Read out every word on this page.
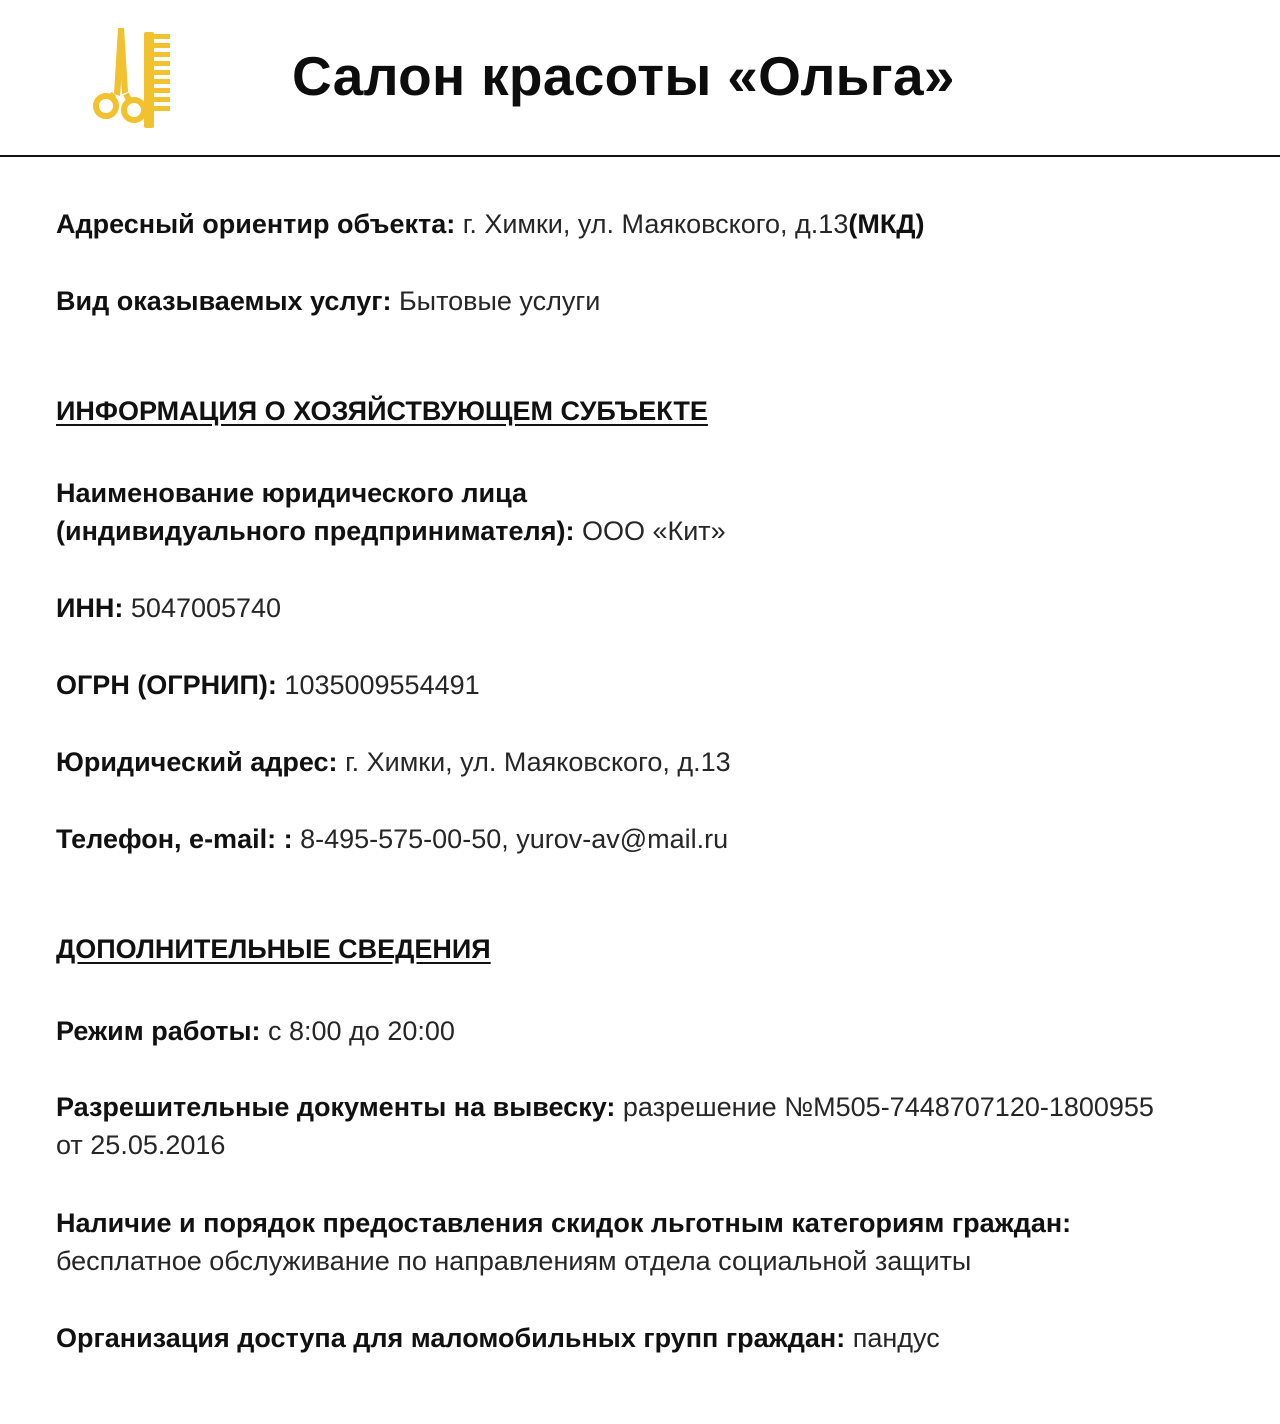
Салон красоты «Ольга»
Адресный ориентир объекта: г. Химки, ул. Маяковского, д.13(МКД)
Вид оказываемых услуг: Бытовые услуги
ИНФОРМАЦИЯ О ХОЗЯЙСТВУЮЩЕМ СУБЪЕКТЕ
Наименование юридического лица
(индивидуального предпринимателя): ООО «Кит»
ИНН: 5047005740
ОГРН (ОГРНИП): 1035009554491
Юридический адрес: г. Химки, ул. Маяковского, д.13
Телефон, e-mail: : 8-495-575-00-50, yurov-av@mail.ru
ДОПОЛНИТЕЛЬНЫЕ СВЕДЕНИЯ
Режим работы: с 8:00 до 20:00
Разрешительные документы на вывеску: разрешение №М505-7448707120-1800955
от 25.05.2016
Наличие и порядок предоставления скидок льготным категориям граждан:
бесплатное обслуживание по направлениям отдела социальной защиты
Организация доступа для маломобильных групп граждан: пандус
